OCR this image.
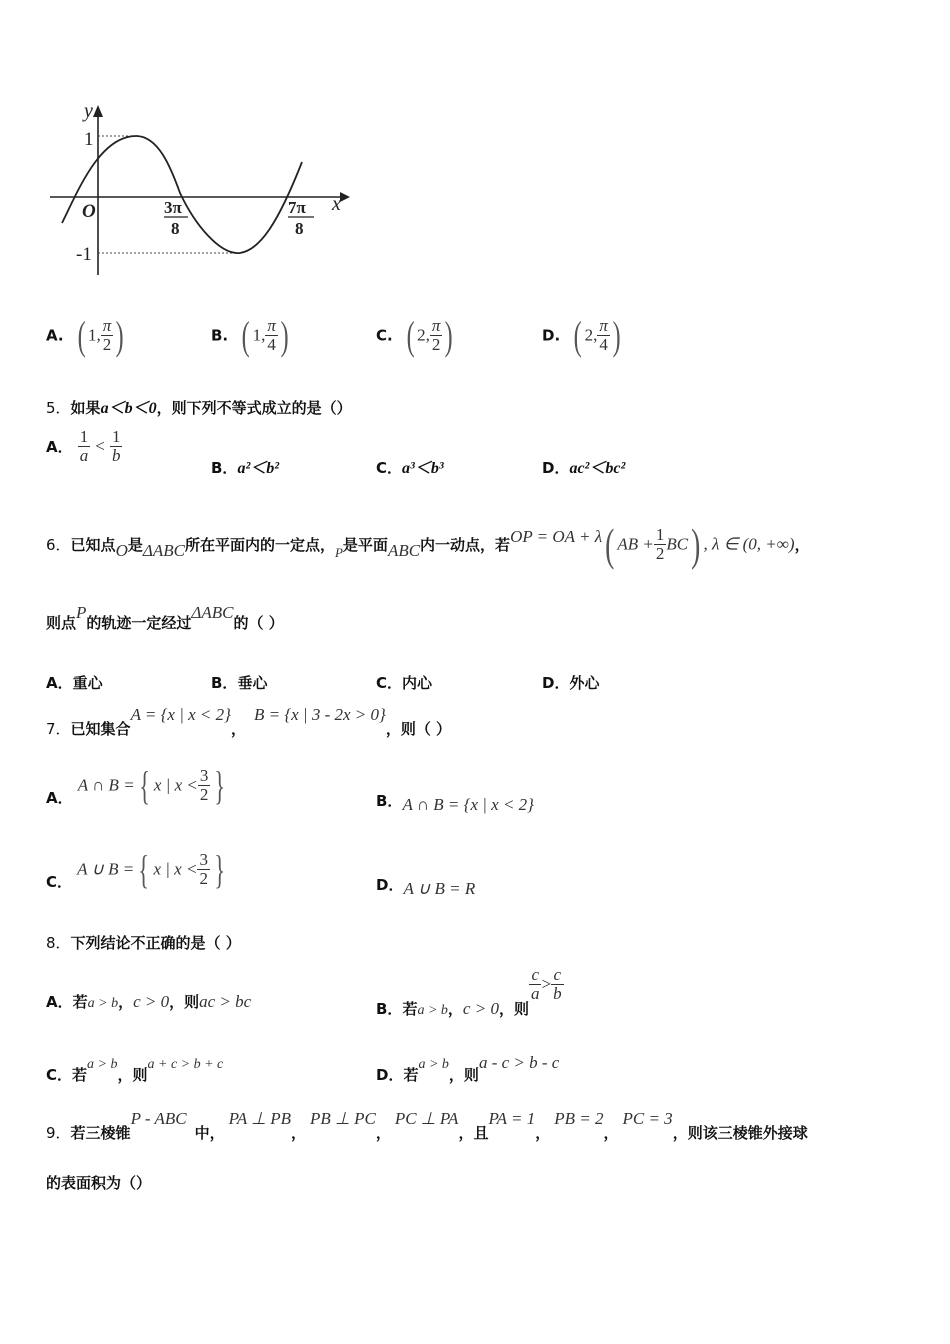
y
x
O
1
-1
3π
8
7π
8
A. ( 1, $\frac{\pi}{2}$ )	B. ( 1, $\frac{\pi}{4}$ )	C. ( 2, $\frac{\pi}{2}$ )	D. ( 2, $\frac{\pi}{4}$ )
5．如果a＜b＜0，则下列不等式成立的是（）
A． $\frac{1}{a} < \frac{1}{b}$
B．a²＜b²	C．a³＜b³	D．ac²＜bc²
6．已知点O是ΔABC所在平面内的一定点，P是平面ABC内一动点，若OP = OA + λ( AB + $\frac{1}{2} BC$) , λ ∈ (0, +∞)，
则点P的轨迹一定经过ΔABC的（ ）
A．重心	B．垂心	C．内心	D．外心
7．已知集合A = {x | x < 2}，B = {x | 3 - 2x > 0}，则（ ）
A． A ∩ B = { x | $x < \frac{3}{2}$ }	B．A ∩ B = {x | x < 2}
C． A ∪ B = { x | $x < \frac{3}{2}$ }	D．A ∪ B = R
8．下列结论不正确的是（ ）
A．若a > b，c > 0，则ac > bc	B．若a > b，c > 0，则
$\frac{c}{a} > \frac{c}{b}$
C．若a > b，则a + c > b + c
D．若a > b，则a - c > b - c
9．若三棱锥P - ABC中，PA ⊥ PB，PB ⊥ PC，PC ⊥ PA，且PA = 1，PB = 2，PC = 3，则该三棱锥外接球
的表面积为（）
